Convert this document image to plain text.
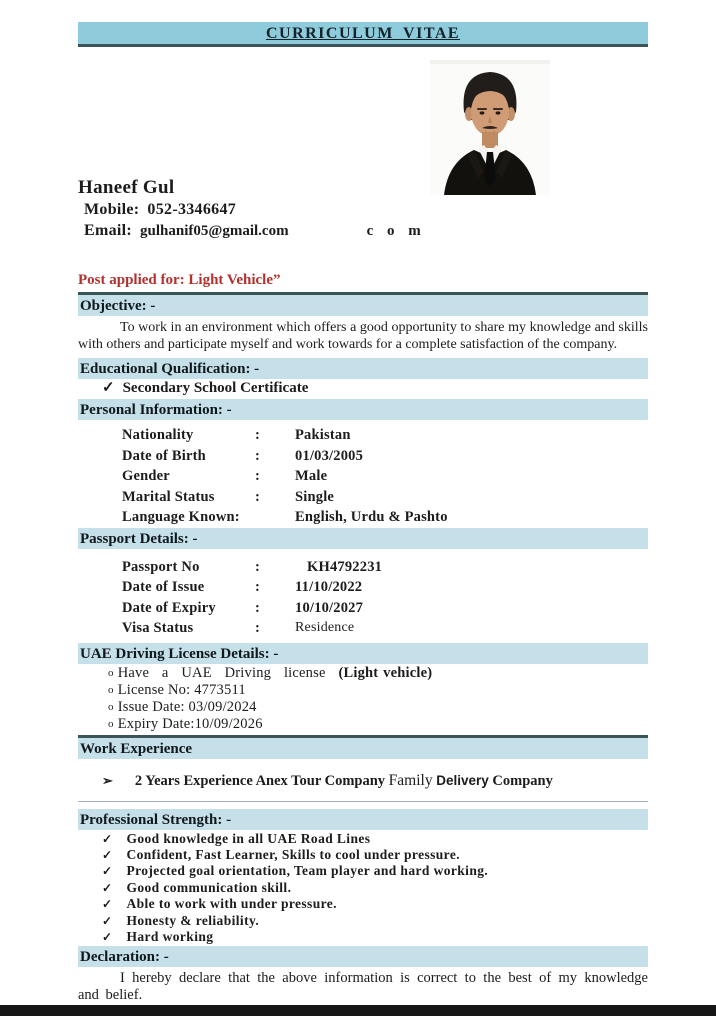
CURRICULUM VITAE
Haneef Gul
Mobile: 052-3346647
Email: gulhanif05@gmail.com	c o m
Post applied for: Light Vehicle”
Objective: -

To work in an environment which offers a good opportunity to share my knowledge and skills with others and participate myself and work towards for a complete satisfaction of the company.

Educational Qualification: -
✓ Secondary School Certificate
Personal Information: -
Nationality	:	Pakistan
Date of Birth	:	01/03/2005
Gender	:	Male
Marital Status	:	Single
Language Known:	English, Urdu & Pashto
Passport Details: -
Passport No	:	KH4792231
Date of Issue	:	11/10/2022
Date of Expiry	:	10/10/2027
Visa Status	:	Residence
UAE Driving License Details: -
o Have a UAE Driving license (Light vehicle)
o License No: 4773511
o Issue Date: 03/09/2024
o Expiry Date:10/09/2026
Work Experience
➢ 2 Years Experience Anex Tour Company Family Delivery Company
Professional Strength: -
✓ Good knowledge in all UAE Road Lines
✓ Confident, Fast Learner, Skills to cool under pressure.
✓ Projected goal orientation, Team player and hard working.
✓ Good communication skill.
✓ Able to work with under pressure.
✓ Honesty & reliability.
✓ Hard working
Declaration: -

I hereby declare that the above information is correct to the best of my knowledge and belief.
